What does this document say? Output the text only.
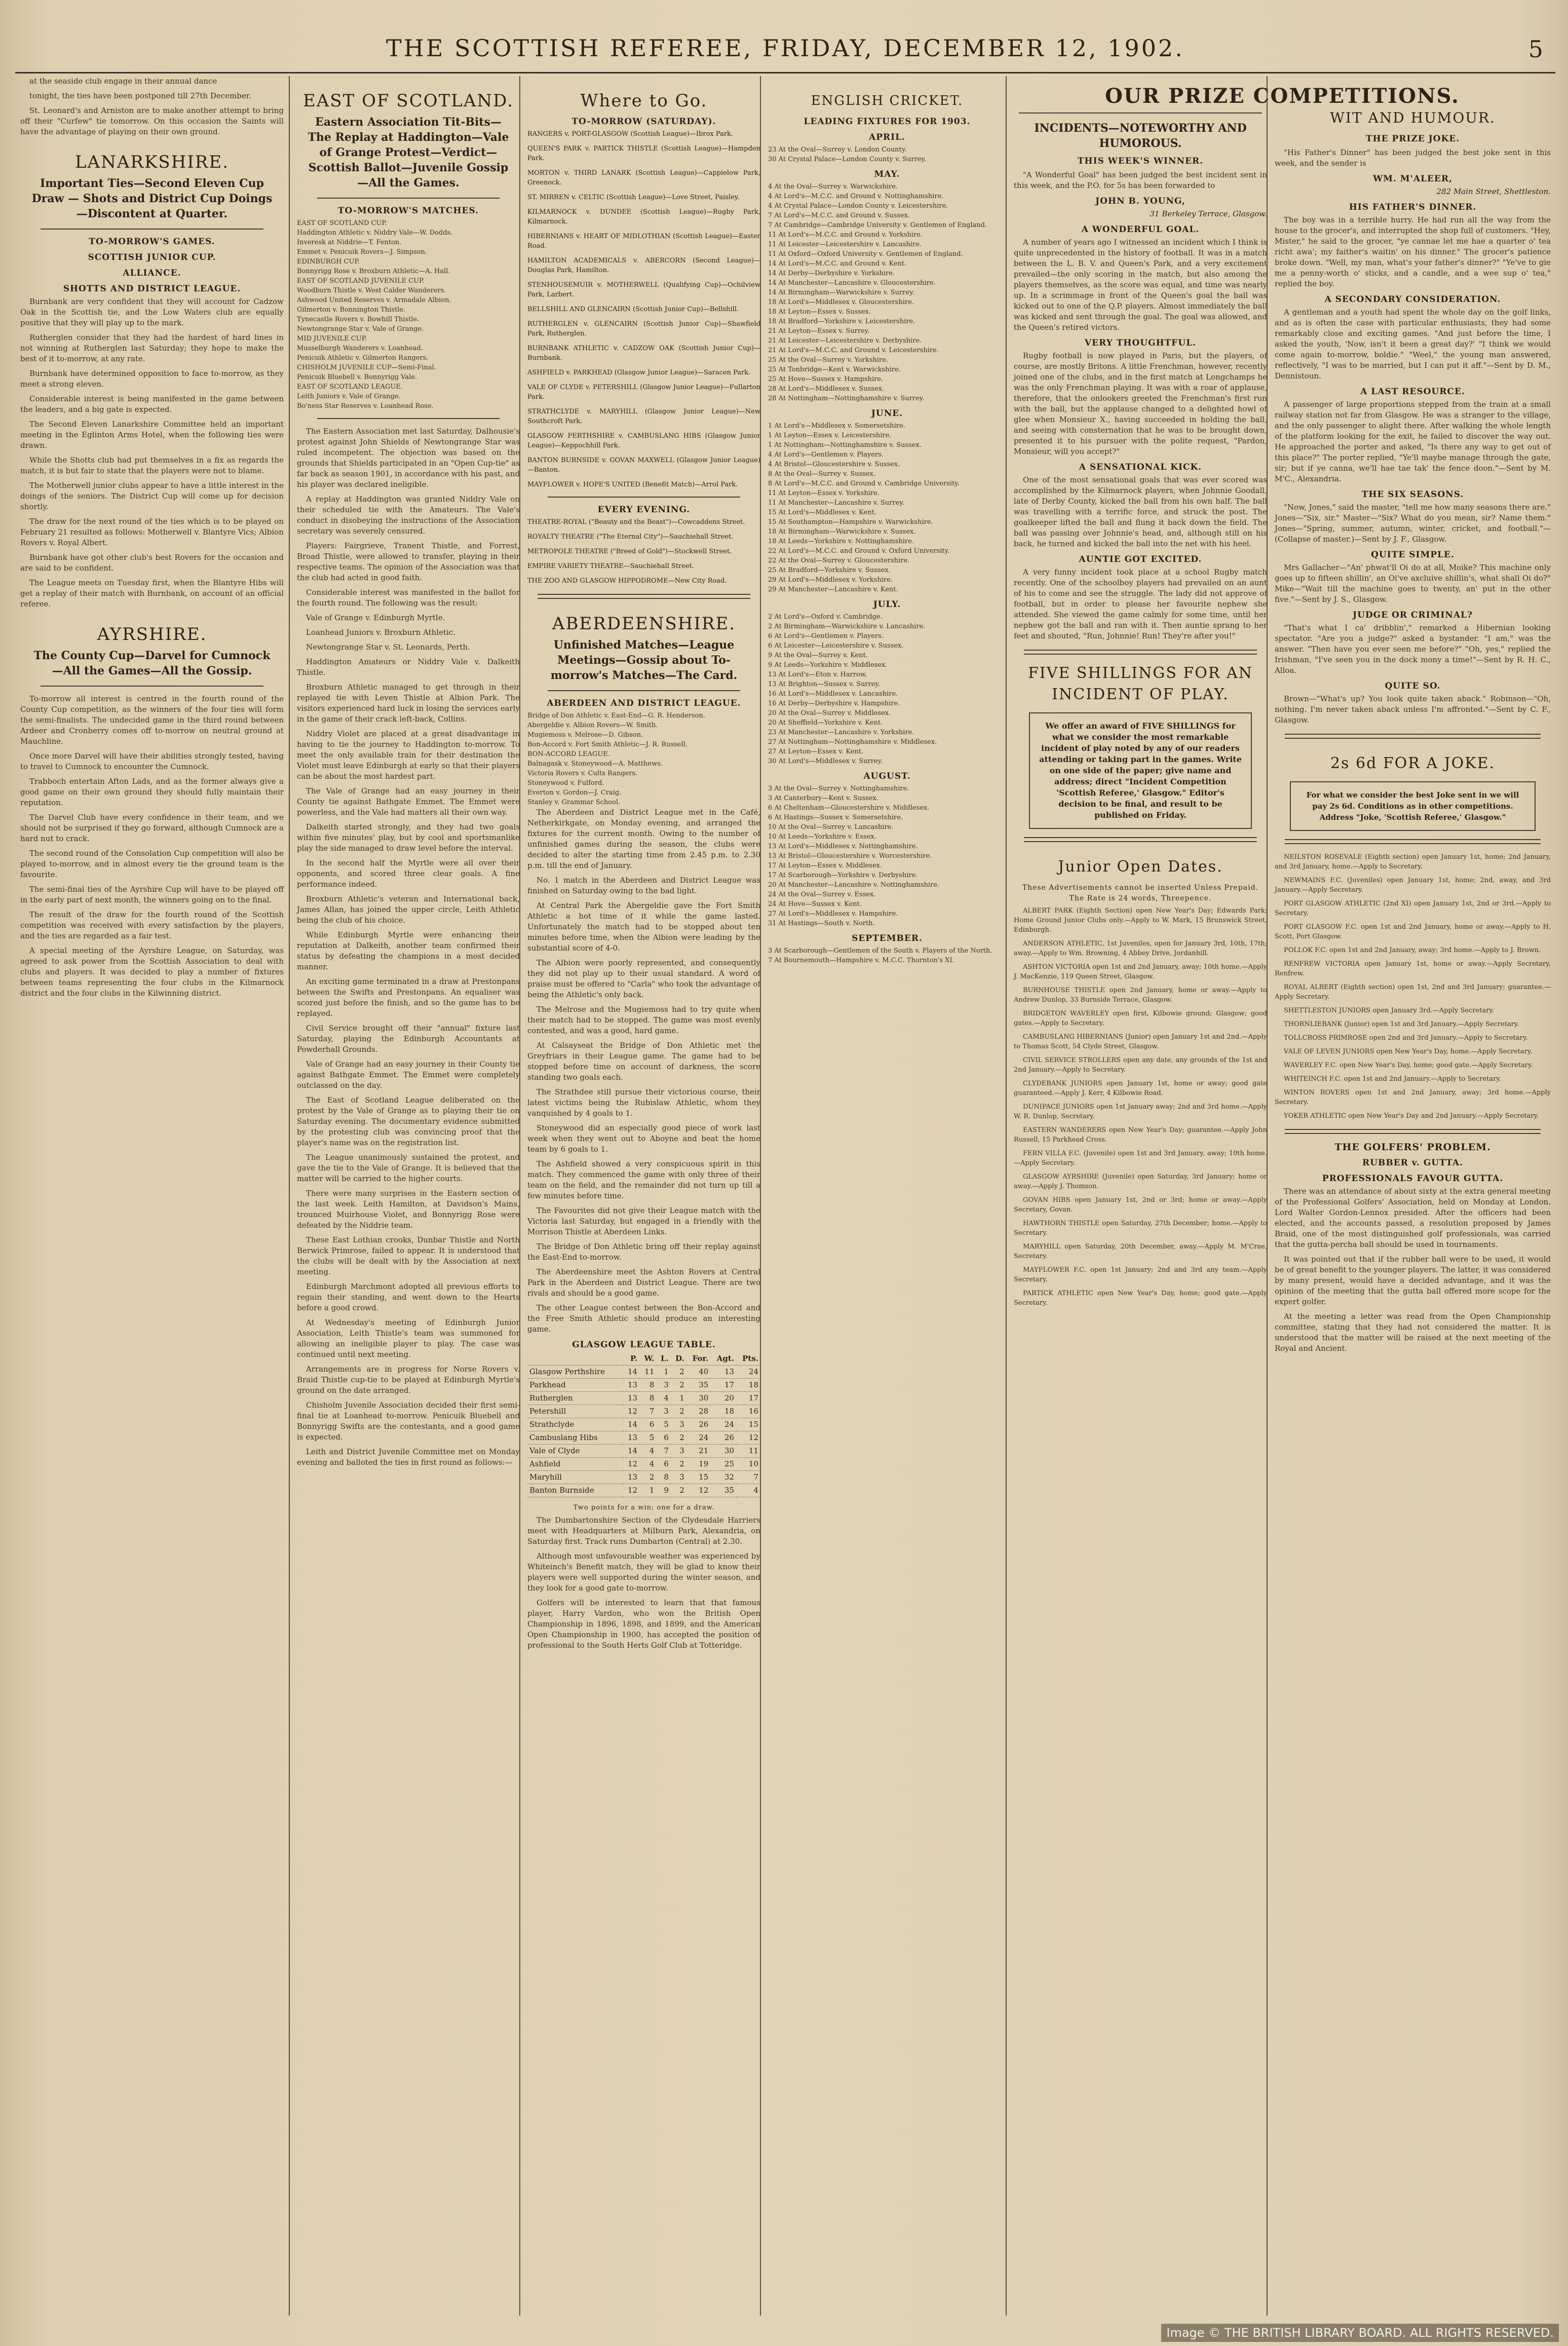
THE SCOTTISH REFEREE, FRIDAY, DECEMBER 12, 1902.	5

at the seaside club engage in their annual dance

tonight, the ties have been postponed till 27th December.

St. Leonard's and Arniston are to make another attempt to bring off their "Curfew" tie tomorrow. On this occasion the Saints will have the advantage of playing on their own ground.

LANARKSHIRE.
Important Ties—Second Eleven Cup Draw — Shots and District Cup Doings—Discontent at Quarter.
TO-MORROW'S GAMES.
SCOTTISH JUNIOR CUP.
ALLIANCE.
SHOTTS AND DISTRICT LEAGUE.

Burnbank are very confident that they will account for Cadzow Oak in the Scottish tie, and the Low Waters club are equally positive that they will play up to the mark.

Rutherglen consider that they had the hardest of hard lines in not winning at Rutherglen last Saturday; they hope to make the best of it to-morrow, at any rate.

Burnbank have determined opposition to face to-morrow, as they meet a strong eleven.

Considerable interest is being manifested in the game between the leaders, and a big gate is expected.

The Second Eleven Lanarkshire Committee held an important meeting in the Eglinton Arms Hotel, when the following ties were drawn.

While the Shotts club had put themselves in a fix as regards the match, it is but fair to state that the players were not to blame.

The Motherwell junior clubs appear to have a little interest in the doings of the seniors. The District Cup will come up for decision shortly.

The draw for the next round of the ties which is to be played on February 21 resulted as follows: Motherwell v. Blantyre Vics; Albion Rovers v. Royal Albert.

Burnbank have got other club's best Rovers for the occasion and are said to be confident.

The League meets on Tuesday first, when the Blantyre Hibs will get a replay of their match with Burnbank, on account of an official referee.

AYRSHIRE.
The County Cup—Darvel for Cumnock—All the Games—All the Gossip.

To-morrow all interest is centred in the fourth round of the County Cup competition, as the winners of the four ties will form the semi-finalists. The undecided game in the third round between Ardeer and Cronberry comes off to-morrow on neutral ground at Mauchline.

Once more Darvel will have their abilities strongly tested, having to travel to Cumnock to encounter the Cumnock.

Trabboch entertain Afton Lads, and as the former always give a good game on their own ground they should fully maintain their reputation.

The Darvel Club have every confidence in their team, and we should not be surprised if they go forward, although Cumnock are a hard nut to crack.

The second round of the Consolation Cup competition will also be played to-morrow, and in almost every tie the ground team is the favourite.

The semi-final ties of the Ayrshire Cup will have to be played off in the early part of next month, the winners going on to the final.

The result of the draw for the fourth round of the Scottish competition was received with every satisfaction by the players, and the ties are regarded as a fair test.

A special meeting of the Ayrshire League, on Saturday, was agreed to ask power from the Scottish Association to deal with clubs and players. It was decided to play a number of fixtures between teams representing the four clubs in the Kilmarnock district and the four clubs in the Kilwinning district.

EAST OF SCOTLAND.
Eastern Association Tit-Bits—The Replay at Haddington—Vale of Grange Protest—Verdict—Scottish Ballot—Juvenile Gossip—All the Games.
TO-MORROW'S MATCHES.
EAST OF SCOTLAND CUP.
Haddington Athletic v. Niddry Vale—W. Dodds.
Inveresk at Niddrie—T. Fenton.
Emmet v. Penicuik Rovers—J. Simpson.
EDINBURGH CUP.
Bonnyrigg Rose v. Broxburn Athletic—A. Hall.
EAST OF SCOTLAND JUVENILE CUP.
Woodburn Thistle v. West Calder Wanderers.
Ashwood United Reserves v. Armadale Albion.
Gilmerton v. Bonnington Thistle.
Tynecastle Rovers v. Bowhill Thistle.
Newtongrange Star v. Vale of Grange.
MID JUVENILE CUP.
Musselburgh Wanderers v. Loanhead.
Penicuik Athletic v. Gilmerton Rangers.
CHISHOLM JUVENILE CUP—Semi-Final.
Penicuik Bluebell v. Bonnyrigg Vale.
EAST OF SCOTLAND LEAGUE.
Leith Juniors v. Vale of Grange.
Bo'ness Star Reserves v. Loanhead Rose.

The Eastern Association met last Saturday, Dalhousie's protest against John Shields of Newtongrange Star was ruled incompetent. The objection was based on the grounds that Shields participated in an "Open Cup-tie" as far back as season 1901, in accordance with his past, and his player was declared ineligible.

A replay at Haddington was granted Niddry Vale on their scheduled tie with the Amateurs. The Vale's conduct in disobeying the instructions of the Association secretary was severely censured.

Players: Fairgrieve, Tranent Thistle, and Forrest, Broad Thistle, were allowed to transfer, playing in their respective teams. The opinion of the Association was that the club had acted in good faith.

Considerable interest was manifested in the ballot for the fourth round. The following was the result:

Vale of Grange v. Edinburgh Myrtle.

Loanhead Juniors v. Broxburn Athletic.

Newtongrange Star v. St. Leonards, Perth.

Haddington Amateurs or Niddry Vale v. Dalkeith Thistle.

Broxburn Athletic managed to get through in their replayed tie with Leven Thistle at Albion Park. The visitors experienced hard luck in losing the services early in the game of their crack left-back, Collins.

Niddry Violet are placed at a great disadvantage in having to tie the journey to Haddington to-morrow. To meet the only available train for their destination the Violet must leave Edinburgh at early so that their players can be about the most hardest part.

The Vale of Grange had an easy journey in their County tie against Bathgate Emmet. The Emmet were powerless, and the Vale had matters all their own way.

Dalkeith started strongly, and they had two goals within five minutes' play, but by cool and sportsmanlike play the side managed to draw level before the interval.

In the second half the Myrtle were all over their opponents, and scored three clear goals. A fine performance indeed.

Broxburn Athletic's veteran and International back, James Allan, has joined the upper circle, Leith Athletic being the club of his choice.

While Edinburgh Myrtle were enhancing their reputation at Dalkeith, another team confirmed their status by defeating the champions in a most decided manner.

An exciting game terminated in a draw at Prestonpans between the Swifts and Prestonpans. An equaliser was scored just before the finish, and so the game has to be replayed.

Civil Service brought off their "annual" fixture last Saturday, playing the Edinburgh Accountants at Powderhall Grounds.

Vale of Grange had an easy journey in their County tie against Bathgate Emmet. The Emmet were completely outclassed on the day.

The East of Scotland League deliberated on the protest by the Vale of Grange as to playing their tie on Saturday evening. The documentary evidence submitted by the protesting club was convincing proof that the player's name was on the registration list.

The League unanimously sustained the protest, and gave the tie to the Vale of Grange. It is believed that the matter will be carried to the higher courts.

There were many surprises in the Eastern section of the last week. Leith Hamilton, at Davidson's Mains, trounced Muirhouse Violet, and Bonnyrigg Rose were defeated by the Niddrie team.

These East Lothian crooks, Dunbar Thistle and North Berwick Primrose, failed to appear. It is understood that the clubs will be dealt with by the Association at next meeting.

Edinburgh Marchmont adopted all previous efforts to regain their standing, and went down to the Hearts before a good crowd.

At Wednesday's meeting of Edinburgh Junior Association, Leith Thistle's team was summoned for allowing an ineligible player to play. The case was continued until next meeting.

Arrangements are in progress for Norse Rovers v. Braid Thistle cup-tie to be played at Edinburgh Myrtle's ground on the date arranged.

Chisholm Juvenile Association decided their first semi-final tie at Loanhead to-morrow. Penicuik Bluebell and Bonnyrigg Swifts are the contestants, and a good game is expected.

Leith and District Juvenile Committee met on Monday evening and balloted the ties in first round as follows:—

Where to Go.
TO-MORROW (SATURDAY).
RANGERS v. PORT-GLASGOW (Scottish League)—Ibrox Park.
QUEEN'S PARK v. PARTICK THISTLE (Scottish League)—Hampden Park.
MORTON v. THIRD LANARK (Scottish League)—Cappielow Park, Greenock.
ST. MIRREN v. CELTIC (Scottish League)—Love Street, Paisley.
KILMARNOCK v. DUNDEE (Scottish League)—Rugby Park, Kilmarnock.
HIBERNIANS v. HEART OF MIDLOTHIAN (Scottish League)—Easter Road.
HAMILTON ACADEMICALS v. ABERCORN (Second League)—Douglas Park, Hamilton.
STENHOUSEMUIR v. MOTHERWELL (Qualifying Cup)—Ochilview Park, Larbert.
BELLSHILL AND GLENCAIRN (Scottish Junior Cup)—Bellshill.
RUTHERGLEN v. GLENCAIRN (Scottish Junior Cup)—Shawfield Park, Rutherglen.
BURNBANK ATHLETIC v. CADZOW OAK (Scottish Junior Cup)—Burnbank.
ASHFIELD v. PARKHEAD (Glasgow Junior League)—Saracen Park.
VALE OF CLYDE v. PETERSHILL (Glasgow Junior League)—Fullarton Park.
STRATHCLYDE v. MARYHILL (Glasgow Junior League)—New Southcroft Park.
GLASGOW PERTHSHIRE v. CAMBUSLANG HIBS (Glasgow Junior League)—Keppochhill Park.
BANTON BURNSIDE v. GOVAN MAXWELL (Glasgow Junior League)—Banton.
MAYFLOWER v. HOPE'S UNITED (Benefit Match)—Arrol Park.
EVERY EVENING.
THEATRE-ROYAL ("Beauty and the Beast")—Cowcaddens Street.
ROYALTY THEATRE ("The Eternal City")—Sauchiehall Street.
METROPOLE THEATRE ("Breed of Gold")—Stockwell Street.
EMPIRE VARIETY THEATRE—Sauchiehall Street.
THE ZOO AND GLASGOW HIPPODROME—New City Road.
ABERDEENSHIRE.
Unfinished Matches—League Meetings—Gossip about To-morrow's Matches—The Card.
ABERDEEN AND DISTRICT LEAGUE.
Bridge of Don Athletic v. East-End—G. R. Henderson.
Abergeldie v. Albion Rovers—W. Smith.
Mugiemoss v. Melrose—D. Gibson.
Bon-Accord v. Fort Smith Athletic—J. R. Russell.
BON-ACCORD LEAGUE.
Balnagask v. Stoneywood—A. Matthews.
Victoria Rovers v. Cults Rangers.
Stoneywood v. Fulford.
Everton v. Gordon—J. Craig.
Stanley v. Grammar School.

The Aberdeen and District League met in the Café, Netherkirkgate, on Monday evening, and arranged the fixtures for the current month. Owing to the number of unfinished games during the season, the clubs were decided to alter the starting time from 2.45 p.m. to 2.30 p.m. till the end of January.

No. 1 match in the Aberdeen and District League was finished on Saturday owing to the bad light.

At Central Park the Abergeldie gave the Fort Smith Athletic a hot time of it while the game lasted. Unfortunately the match had to be stopped about ten minutes before time, when the Albion were leading by the substantial score of 4-0.

The Albion were poorly represented, and consequently they did not play up to their usual standard. A word of praise must be offered to "Carla" who took the advantage of being the Athletic's only back.

The Melrose and the Mugiemoss had to try quite when their match had to be stopped. The game was most evenly contested, and was a good, hard game.

At Calsayseat the Bridge of Don Athletic met the Greyfriars in their League game. The game had to be stopped before time on account of darkness, the score standing two goals each.

The Strathdee still pursue their victorious course, their latest victims being the Rubislaw Athletic, whom they vanquished by 4 goals to 1.

Stoneywood did an especially good piece of work last week when they went out to Aboyne and beat the home team by 6 goals to 1.

The Ashfield showed a very conspicuous spirit in this match. They commenced the game with only three of their team on the field, and the remainder did not turn up till a few minutes before time.

The Favourites did not give their League match with the Victoria last Saturday, but engaged in a friendly with the Morrison Thistle at Aberdeen Links.

The Bridge of Don Athletic bring off their replay against the East-End to-morrow.

The Aberdeenshire meet the Ashton Rovers at Central Park in the Aberdeen and District League. There are two rivals and should be a good game.

The other League contest between the Bon-Accord and the Free Smith Athletic should produce an interesting game.

GLASGOW LEAGUE TABLE.
	P.	W.	L.	D.	For.	Agt.	Pts.
Glasgow Perthshire	14	11	1	2	40	13	24
Parkhead	13	8	3	2	35	17	18
Rutherglen	13	8	4	1	30	20	17
Petershill	12	7	3	2	28	18	16
Strathclyde	14	6	5	3	26	24	15
Cambuslang Hibs	13	5	6	2	24	26	12
Vale of Clyde	14	4	7	3	21	30	11
Ashfield	12	4	6	2	19	25	10
Maryhill	13	2	8	3	15	32	7
Banton Burnside	12	1	9	2	12	35	4
Two points for a win; one for a draw.

The Dumbartonshire Section of the Clydesdale Harriers meet with Headquarters at Milburn Park, Alexandria, on Saturday first. Track runs Dumbarton (Central) at 2.30.

Although most unfavourable weather was experienced by Whiteinch's Benefit match, they will be glad to know their players were well supported during the winter season, and they look for a good gate to-morrow.

Golfers will be interested to learn that that famous player, Harry Vardon, who won the British Open Championship in 1896, 1898, and 1899, and the American Open Championship in 1900, has accepted the position of professional to the South Herts Golf Club at Totteridge.

ENGLISH CRICKET.
LEADING FIXTURES FOR 1903.
APRIL.
23 At the Oval—Surrey v. London County.
30 At Crystal Palace—London County v. Surrey.
MAY.
4 At the Oval—Surrey v. Warwickshire.
4 At Lord's—M.C.C. and Ground v. Nottinghamshire.
4 At Crystal Palace—London County v. Leicestershire.
7 At Lord's—M.C.C. and Ground v. Sussex.
7 At Cambridge—Cambridge University v. Gentlemen of England.
11 At Lord's—M.C.C. and Ground v. Yorkshire.
11 At Leicester—Leicestershire v. Lancashire.
11 At Oxford—Oxford University v. Gentlemen of England.
14 At Lord's—M.C.C. and Ground v. Kent.
14 At Derby—Derbyshire v. Yorkshire.
14 At Manchester—Lancashire v. Gloucestershire.
14 At Birmingham—Warwickshire v. Surrey.
18 At Lord's—Middlesex v. Gloucestershire.
18 At Leyton—Essex v. Sussex.
18 At Bradford—Yorkshire v. Leicestershire.
21 At Leyton—Essex v. Surrey.
21 At Leicester—Leicestershire v. Derbyshire.
21 At Lord's—M.C.C. and Ground v. Leicestershire.
25 At the Oval—Surrey v. Yorkshire.
25 At Tonbridge—Kent v. Warwickshire.
25 At Hove—Sussex v. Hampshire.
28 At Lord's—Middlesex v. Sussex.
28 At Nottingham—Nottinghamshire v. Surrey.
JUNE.
1 At Lord's—Middlesex v. Somersetshire.
1 At Leyton—Essex v. Leicestershire.
1 At Nottingham—Nottinghamshire v. Sussex.
4 At Lord's—Gentlemen v. Players.
4 At Bristol—Gloucestershire v. Sussex.
8 At the Oval—Surrey v. Sussex.
8 At Lord's—M.C.C. and Ground v. Cambridge University.
11 At Leyton—Essex v. Yorkshire.
11 At Manchester—Lancashire v. Surrey.
15 At Lord's—Middlesex v. Kent.
15 At Southampton—Hampshire v. Warwickshire.
18 At Birmingham—Warwickshire v. Sussex.
18 At Leeds—Yorkshire v. Nottinghamshire.
22 At Lord's—M.C.C. and Ground v. Oxford University.
22 At the Oval—Surrey v. Gloucestershire.
25 At Bradford—Yorkshire v. Sussex.
29 At Lord's—Middlesex v. Yorkshire.
29 At Manchester—Lancashire v. Kent.
JULY.
2 At Lord's—Oxford v. Cambridge.
2 At Birmingham—Warwickshire v. Lancashire.
6 At Lord's—Gentlemen v. Players.
6 At Leicester—Leicestershire v. Sussex.
9 At the Oval—Surrey v. Kent.
9 At Leeds—Yorkshire v. Middlesex.
13 At Lord's—Eton v. Harrow.
13 At Brighton—Sussex v. Surrey.
16 At Lord's—Middlesex v. Lancashire.
16 At Derby—Derbyshire v. Hampshire.
20 At the Oval—Surrey v. Middlesex.
20 At Sheffield—Yorkshire v. Kent.
23 At Manchester—Lancashire v. Yorkshire.
27 At Nottingham—Nottinghamshire v. Middlesex.
27 At Leyton—Essex v. Kent.
30 At Lord's—Middlesex v. Surrey.
AUGUST.
3 At the Oval—Surrey v. Nottinghamshire.
3 At Canterbury—Kent v. Sussex.
6 At Cheltenham—Gloucestershire v. Middlesex.
6 At Hastings—Sussex v. Somersetshire.
10 At the Oval—Surrey v. Lancashire.
10 At Leeds—Yorkshire v. Essex.
13 At Lord's—Middlesex v. Nottinghamshire.
13 At Bristol—Gloucestershire v. Worcestershire.
17 At Leyton—Essex v. Middlesex.
17 At Scarborough—Yorkshire v. Derbyshire.
20 At Manchester—Lancashire v. Nottinghamshire.
24 At the Oval—Surrey v. Essex.
24 At Hove—Sussex v. Kent.
27 At Lord's—Middlesex v. Hampshire.
31 At Hastings—South v. North.
SEPTEMBER.
3 At Scarborough—Gentlemen of the South v. Players of the North.
7 At Bournemouth—Hampshire v. M.C.C. Thornton's XI.
OUR PRIZE COMPETITIONS.
INCIDENTS—NOTEWORTHY AND HUMOROUS.
THIS WEEK'S WINNER.

"A Wonderful Goal" has been judged the best incident sent in this week, and the P.O. for 5s has been forwarded to

JOHN B. YOUNG,
31 Berkeley Terrace, Glasgow.
A WONDERFUL GOAL.

A number of years ago I witnessed an incident which I think is quite unprecedented in the history of football. It was in a match between the L. B. V. and Queen's Park, and a very excitement prevailed—the only scoring in the match, but also among the players themselves, as the score was equal, and time was nearly up. In a scrimmage in front of the Queen's goal the ball was kicked out to one of the Q.P. players. Almost immediately the ball was kicked and sent through the goal. The goal was allowed, and the Queen's retired victors.

VERY THOUGHTFUL.

Rugby football is now played in Paris, but the players, of course, are mostly Britons. A little Frenchman, however, recently joined one of the clubs, and in the first match at Longchamps he was the only Frenchman playing. It was with a roar of applause, therefore, that the onlookers greeted the Frenchman's first run with the ball, but the applause changed to a delighted howl of glee when Monsieur X., having succeeded in holding the ball, and seeing with consternation that he was to be brought down, presented it to his pursuer with the polite request, "Pardon, Monsieur, will you accept?"

A SENSATIONAL KICK.

One of the most sensational goals that was ever scored was accomplished by the Kilmarnock players, when Johnnie Goodall, late of Derby County, kicked the ball from his own half. The ball was travelling with a terrific force, and struck the post. The goalkeeper lifted the ball and flung it back down the field. The ball was passing over Johnnie's head, and, although still on his back, he turned and kicked the ball into the net with his heel.

AUNTIE GOT EXCITED.

A very funny incident took place at a school Rugby match recently. One of the schoolboy players had prevailed on an aunt of his to come and see the struggle. The lady did not approve of football, but in order to please her favourite nephew she attended. She viewed the game calmly for some time, until her nephew got the ball and ran with it. Then auntie sprang to her feet and shouted, "Run, Johnnie! Run! They're after you!"

FIVE SHILLINGS FOR AN INCIDENT OF PLAY.
We offer an award of FIVE SHILLINGS for what we consider the most remarkable incident of play noted by any of our readers attending or taking part in the games. Write on one side of the paper; give name and address; direct "Incident Competition 'Scottish Referee,' Glasgow." Editor's decision to be final, and result to be published on Friday.
Junior Open Dates.
These Advertisements cannot be inserted Unless Prepaid. The Rate is 24 words, Threepence.

ALBERT PARK (Eighth Section) open New Year's Day; Edwards Park; Home Ground Junior Clubs only.—Apply to W. Mark, 15 Brunswick Street, Edinburgh.

ANDERSON ATHLETIC, 1st Juveniles, open for January 3rd, 10th, 17th; away.—Apply to Wm. Browning, 4 Abbey Drive, Jordanhill.

ASHTON VICTORIA open 1st and 2nd January, away; 10th home.—Apply J. MacKenzie, 119 Queen Street, Glasgow.

BURNHOUSE THISTLE open 2nd January, home or away.—Apply to Andrew Dunlop, 33 Burnside Terrace, Glasgow.

BRIDGETON WAVERLEY open first, Kilbowie ground; Glasgow; good gates.—Apply to Secretary.

CAMBUSLANG HIBERNIANS (Junior) open January 1st and 2nd.—Apply to Thomas Scott, 54 Clyde Street, Glasgow.

CIVIL SERVICE STROLLERS open any date, any grounds of the 1st and 2nd January.—Apply to Secretary.

CLYDEBANK JUNIORS open January 1st, home or away; good gate guaranteed.—Apply J. Kerr, 4 Kilbowie Road.

DUNIPACE JUNIORS open 1st January away; 2nd and 3rd home.—Apply W. R. Dunlop, Secretary.

EASTERN WANDERERS open New Year's Day; guarantee.—Apply John Russell, 15 Parkhead Cross.

FERN VILLA F.C. (Juvenile) open 1st and 3rd January, away; 10th home.—Apply Secretary.

GLASGOW AYRSHIRE (Juvenile) open Saturday, 3rd January; home or away.—Apply J. Thomson.

GOVAN HIBS open January 1st, 2nd or 3rd; home or away.—Apply Secretary, Govan.

HAWTHORN THISTLE open Saturday, 27th December; home.—Apply to Secretary.

MARYHILL open Saturday, 20th December, away.—Apply M. M'Crae, Secretary.

MAYFLOWER F.C. open 1st January; 2nd and 3rd any team.—Apply Secretary.

PARTICK ATHLETIC open New Year's Day, home; good gate.—Apply Secretary.

WIT AND HUMOUR.
THE PRIZE JOKE.

"His Father's Dinner" has been judged the best joke sent in this week, and the sender is

WM. M'ALEER,
282 Main Street, Shettleston.
HIS FATHER'S DINNER.

The boy was in a terrible hurry. He had run all the way from the house to the grocer's, and interrupted the shop full of customers. "Hey, Mister," he said to the grocer, "ye cannae let me hae a quarter o' tea richt awa'; my faither's waitin' on his dinner." The grocer's patience broke down. "Well, my man, what's your father's dinner?" "Ye've to gie me a penny-worth o' sticks, and a candle, and a wee sup o' tea," replied the boy.

A SECONDARY CONSIDERATION.

A gentleman and a youth had spent the whole day on the golf links, and as is often the case with particular enthusiasts, they had some remarkably close and exciting games. "And just before the time, I asked the youth, 'Now, isn't it been a great day?' "I think we would come again to-morrow, boldie." "Weel," the young man answered, reflectively, "I was to be married, but I can put it aff."—Sent by D. M., Dennistoun.

A LAST RESOURCE.

A passenger of large proportions stepped from the train at a small railway station not far from Glasgow. He was a stranger to the village, and the only passenger to alight there. After walking the whole length of the platform looking for the exit, he failed to discover the way out. He approached the porter and asked, "Is there any way to get out of this place?" The porter replied, "Ye'll maybe manage through the gate, sir; but if ye canna, we'll hae tae tak' the fence doon."—Sent by M. M'C., Alexandria.

THE SIX SEASONS.

"Now, Jones," said the master, "tell me how many seasons there are." Jones—"Six, sir." Master—"Six? What do you mean, sir? Name them." Jones—"Spring, summer, autumn, winter, cricket, and football."—(Collapse of master.)—Sent by J. F., Glasgow.

QUITE SIMPLE.

Mrs Gallacher—"An' phwat'll Oi do at all, Moike? This machine only goes up to fifteen shillin', an Oi've axcluive shillin's, what shall Oi do?" Mike—"Wait till the machine goes to twenty, an' put in the other five."—Sent by J. S., Glasgow.

JUDGE OR CRIMINAL?

"That's what I ca' dribblin'," remarked a Hibernian looking spectator. "Are you a judge?" asked a bystander. "I am," was the answer. "Then have you ever seen me before?" "Oh, yes," replied the Irishman, "I've seen you in the dock mony a time!"—Sent by R. H. C., Alloa.

QUITE SO.

Brown—"What's up? You look quite taken aback." Robinson—"Oh, nothing. I'm never taken aback unless I'm affronted."—Sent by C. F., Glasgow.

2s 6d FOR A JOKE.
For what we consider the best Joke sent in we will pay 2s 6d. Conditions as in other competitions. Address "Joke, 'Scottish Referee,' Glasgow."

NEILSTON ROSEVALE (Eighth section) open January 1st, home; 2nd January, and 3rd January, home.—Apply to Secretary.

NEWMAINS F.C. (Juveniles) open January 1st, home; 2nd, away, and 3rd January.—Apply Secretary.

PORT GLASGOW ATHLETIC (2nd XI) open January 1st, 2nd or 3rd.—Apply to Secretary.

PORT GLASGOW F.C. open 1st and 2nd January, home or away.—Apply to H. Scott, Port Glasgow.

POLLOK F.C. open 1st and 2nd January, away; 3rd home.—Apply to J. Brown.

RENFREW VICTORIA open January 1st, home or away.—Apply Secretary, Renfrew.

ROYAL ALBERT (Eighth section) open 1st, 2nd and 3rd January; guarantee.—Apply Secretary.

SHETTLESTON JUNIORS open January 3rd.—Apply Secretary.

THORNLIEBANK (Junior) open 1st and 3rd January.—Apply Secretary.

TOLLCROSS PRIMROSE open 2nd and 3rd January.—Apply to Secretary.

VALE OF LEVEN JUNIORS open New Year's Day, home.—Apply Secretary.

WAVERLEY F.C. open New Year's Day, home; good gate.—Apply Secretary.

WHITEINCH F.C. open 1st and 2nd January.—Apply to Secretary.

WINTON ROVERS open 1st and 2nd January, away; 3rd home.—Apply Secretary.

YOKER ATHLETIC open New Year's Day and 2nd January.—Apply Secretary.

THE GOLFERS' PROBLEM.
RUBBER v. GUTTA.
PROFESSIONALS FAVOUR GUTTA.

There was an attendance of about sixty at the extra general meeting of the Professional Golfers' Association, held on Monday at London. Lord Walter Gordon-Lennox presided. After the officers had been elected, and the accounts passed, a resolution proposed by James Braid, one of the most distinguished golf professionals, was carried that the gutta-percha ball should be used in tournaments.

It was pointed out that if the rubber ball were to be used, it would be of great benefit to the younger players. The latter, it was considered by many present, would have a decided advantage, and it was the opinion of the meeting that the gutta ball offered more scope for the expert golfer.

At the meeting a letter was read from the Open Championship committee, stating that they had not considered the matter. It is understood that the matter will be raised at the next meeting of the Royal and Ancient.

Image © THE BRITISH LIBRARY BOARD. ALL RIGHTS RESERVED.
